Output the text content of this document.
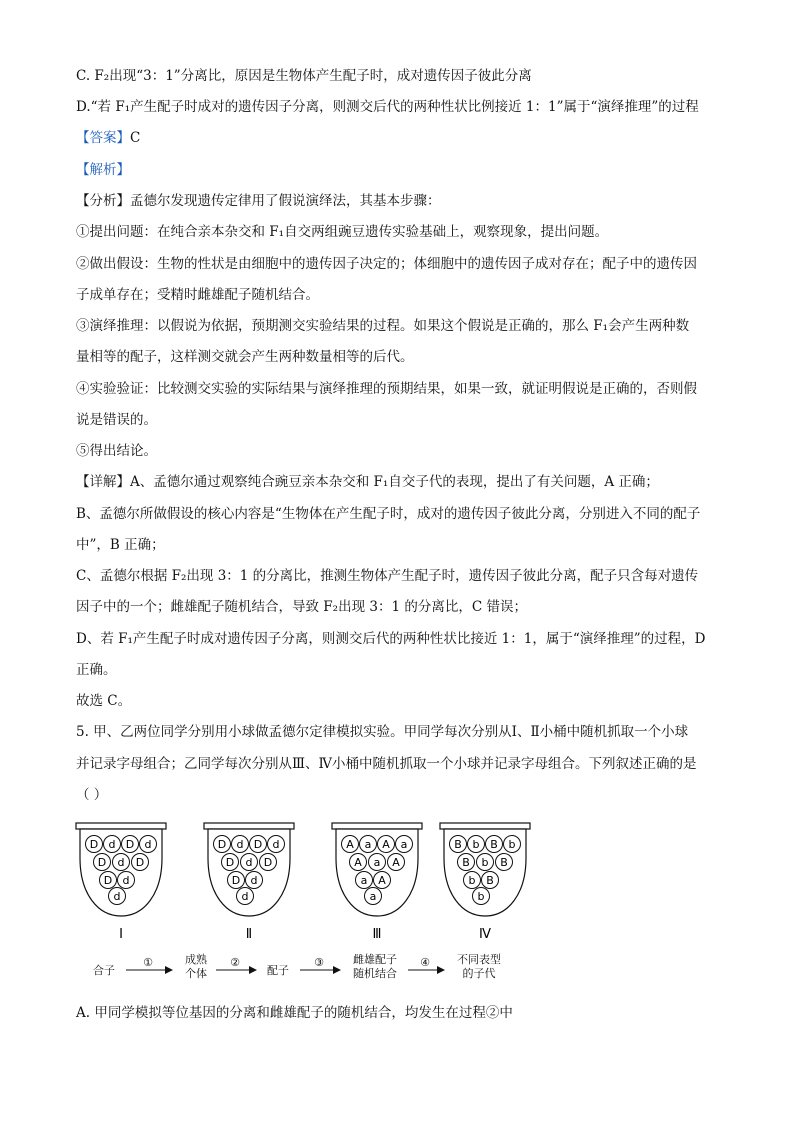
C. F₂出现“3：1”分离比，原因是生物体产生配子时，成对遗传因子彼此分离
D.“若 F₁产生配子时成对的遗传因子分离，则测交后代的两种性状比例接近 1：1”属于“演绎推理”的过程
【答案】C
【解析】
【分析】孟德尔发现遗传定律用了假说演绎法，其基本步骤：
①提出问题：在纯合亲本杂交和 F₁自交两组豌豆遗传实验基础上，观察现象，提出问题。
②做出假设：生物的性状是由细胞中的遗传因子决定的；体细胞中的遗传因子成对存在；配子中的遗传因
子成单存在；受精时雌雄配子随机结合。
③演绎推理：以假说为依据，预期测交实验结果的过程。如果这个假说是正确的，那么 F₁会产生两种数
量相等的配子，这样测交就会产生两种数量相等的后代。
④实验验证：比较测交实验的实际结果与演绎推理的预期结果，如果一致，就证明假说是正确的，否则假
说是错误的。
⑤得出结论。
【详解】A、孟德尔通过观察纯合豌豆亲本杂交和 F₁自交子代的表现，提出了有关问题，A 正确；
B、孟德尔所做假设的核心内容是“生物体在产生配子时，成对的遗传因子彼此分离，分别进入不同的配子
中”，B 正确；
C、孟德尔根据 F₂出现 3：1 的分离比，推测生物体产生配子时，遗传因子彼此分离，配子只含每对遗传
因子中的一个；雌雄配子随机结合，导致 F₂出现 3：1 的分离比，C 错误；
D、若 F₁产生配子时成对遗传因子分离，则测交后代的两种性状比接近 1：1，属于“演绎推理”的过程，D
正确。
故选 C。
5. 甲、乙两位同学分别用小球做孟德尔定律模拟实验。甲同学每次分别从Ⅰ、Ⅱ小桶中随机抓取一个小球
并记录字母组合；乙同学每次分别从Ⅲ、Ⅳ小桶中随机抓取一个小球并记录字母组合。下列叙述正确的是
（ ）
D d D d
D d D
D d
d
Ⅰ
D d D d
D d D
D d
d
Ⅱ
A a A a
A a A
a A
a
Ⅲ
B b B b
B b B
b B
b
Ⅳ
合子
①	成熟
个体
②
配子
③	雌雄配子
随机结合
④ 不同表型
的子代
A. 甲同学模拟等位基因的分离和雌雄配子的随机结合，均发生在过程②中
